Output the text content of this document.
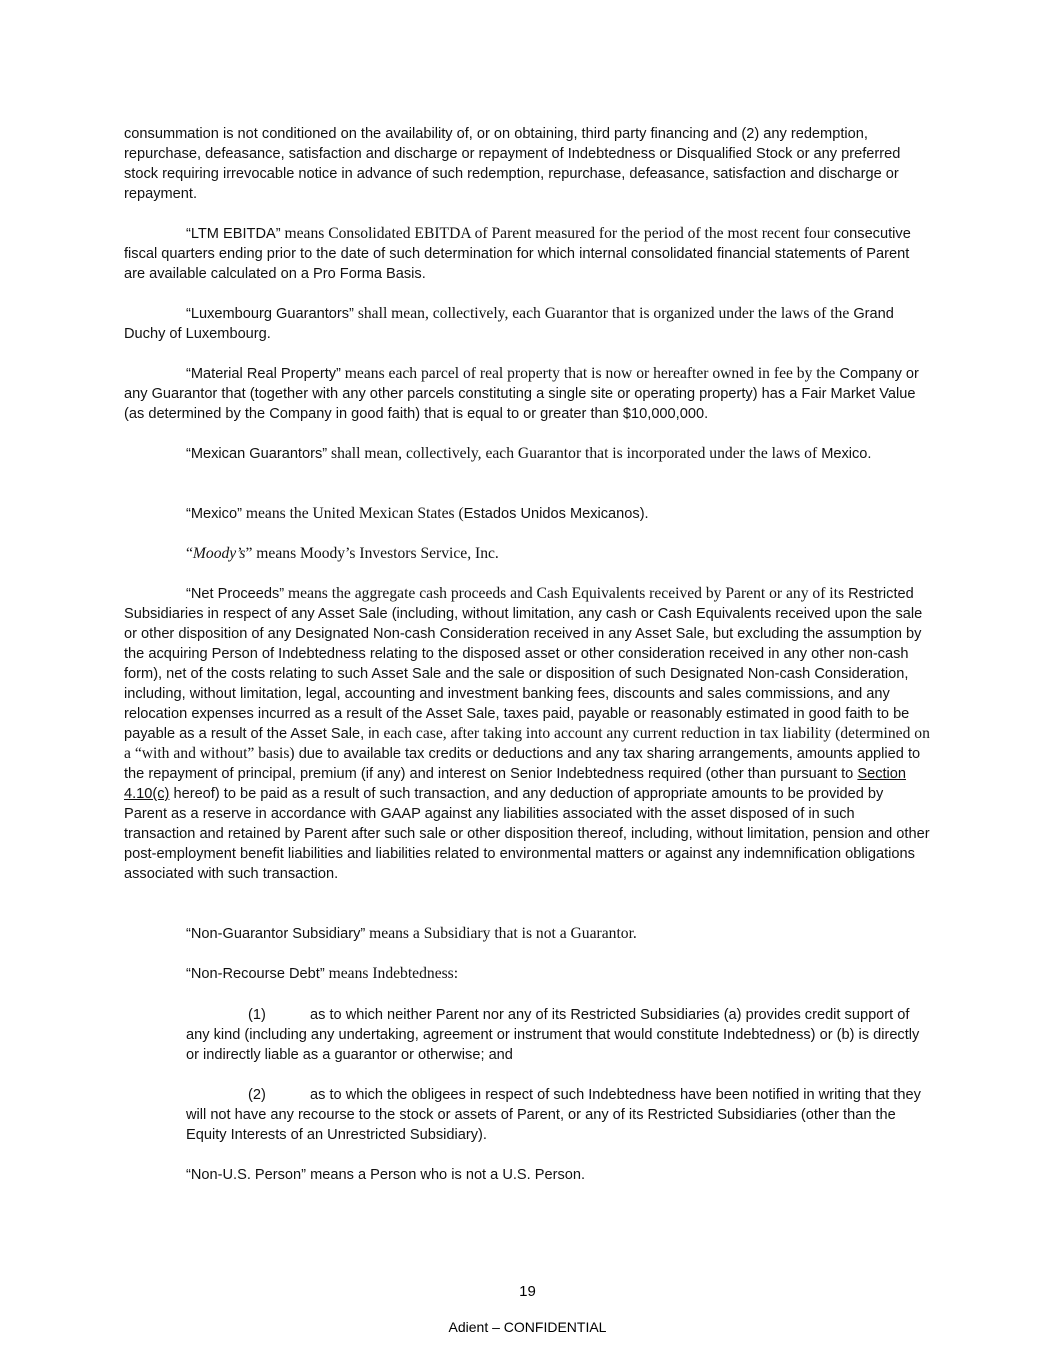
consummation is not conditioned on the availability of, or on obtaining, third party financing and (2) any redemption, repurchase, defeasance, satisfaction and discharge or repayment of Indebtedness or Disqualified Stock or any preferred stock requiring irrevocable notice in advance of such redemption, repurchase, defeasance, satisfaction and discharge or repayment.

“LTM EBITDA” means Consolidated EBITDA of Parent measured for the period of the most recent four consecutive fiscal quarters ending prior to the date of such determination for which internal consolidated financial statements of Parent are available calculated on a Pro Forma Basis.

“Luxembourg Guarantors” shall mean, collectively, each Guarantor that is organized under the laws of the Grand Duchy of Luxembourg.

“Material Real Property” means each parcel of real property that is now or hereafter owned in fee by the Company or any Guarantor that (together with any other parcels constituting a single site or operating property) has a Fair Market Value (as determined by the Company in good faith) that is equal to or greater than $10,000,000.

“Mexican Guarantors” shall mean, collectively, each Guarantor that is incorporated under the laws of Mexico.

“Mexico” means the United Mexican States (Estados Unidos Mexicanos).

“Moody’s” means Moody’s Investors Service, Inc.

“Net Proceeds” means the aggregate cash proceeds and Cash Equivalents received by Parent or any of its Restricted Subsidiaries in respect of any Asset Sale (including, without limitation, any cash or Cash Equivalents received upon the sale or other disposition of any Designated Non-cash Consideration received in any Asset Sale, but excluding the assumption by the acquiring Person of Indebtedness relating to the disposed asset or other consideration received in any other non-cash form), net of the costs relating to such Asset Sale and the sale or disposition of such Designated Non-cash Consideration, including, without limitation, legal, accounting and investment banking fees, discounts and sales commissions, and any relocation expenses incurred as a result of the Asset Sale, taxes paid, payable or reasonably estimated in good faith to be payable as a result of the Asset Sale, in each case, after taking into account any current reduction in tax liability (determined on a “with and without” basis) due to available tax credits or deductions and any tax sharing arrangements, amounts applied to the repayment of principal, premium (if any) and interest on Senior Indebtedness required (other than pursuant to Section 4.10(c) hereof) to be paid as a result of such transaction, and any deduction of appropriate amounts to be provided by Parent as a reserve in accordance with GAAP against any liabilities associated with the asset disposed of in such transaction and retained by Parent after such sale or other disposition thereof, including, without limitation, pension and other post-employment benefit liabilities and liabilities related to environmental matters or against any indemnification obligations associated with such transaction.

“Non-Guarantor Subsidiary” means a Subsidiary that is not a Guarantor.

“Non-Recourse Debt” means Indebtedness:

(1)	as to which neither Parent nor any of its Restricted Subsidiaries (a) provides credit support of any kind (including any undertaking, agreement or instrument that would constitute Indebtedness) or (b) is directly or indirectly liable as a guarantor or otherwise; and

(2)	as to which the obligees in respect of such Indebtedness have been notified in writing that they will not have any recourse to the stock or assets of Parent, or any of its Restricted Subsidiaries (other than the Equity Interests of an Unrestricted Subsidiary).

“Non-U.S. Person” means a Person who is not a U.S. Person.

19
Adient – CONFIDENTIAL
